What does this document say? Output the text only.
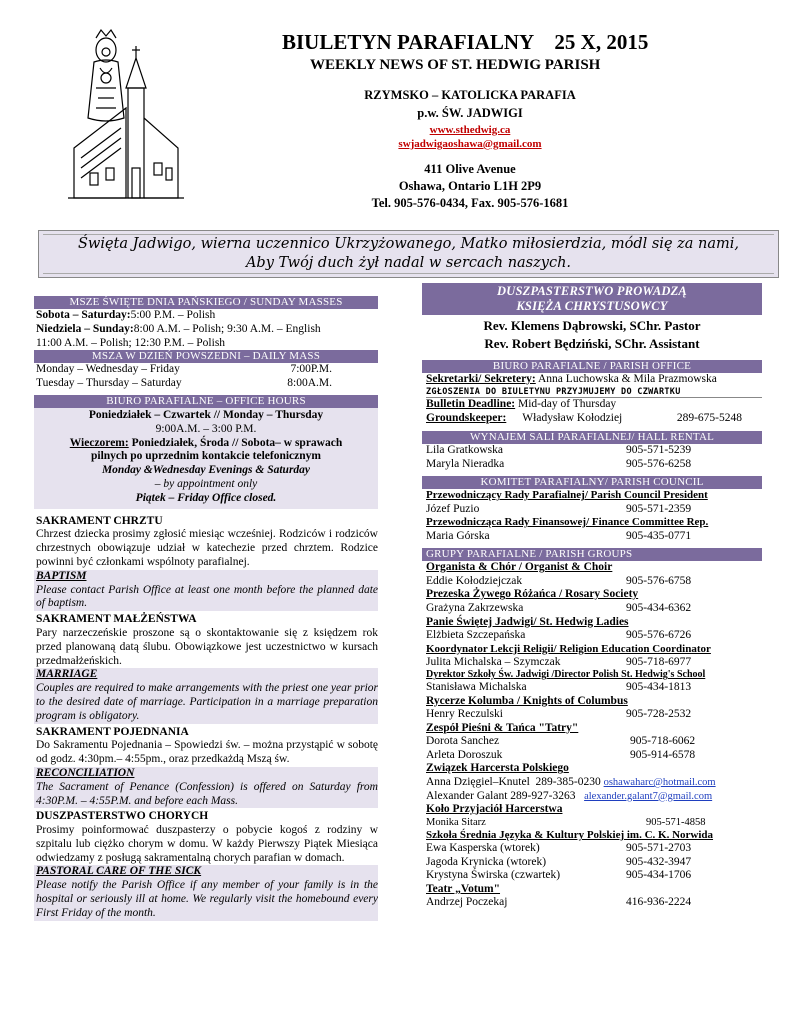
BIULETYN PARAFIALNY    25 X, 2015
WEEKLY NEWS OF ST. HEDWIG PARISH
RZYMSKO – KATOLICKA PARAFIA
p.w. ŚW. JADWIGI
www.sthedwig.ca
swjadwigaoshawa@gmail.com
411 Olive Avenue
Oshawa, Ontario L1H 2P9
Tel. 905-576-0434, Fax. 905-576-1681
Święta Jadwigo, wierna uczennico Ukrzyżowanego, Matko miłosierdzia, módl się za nami,
Aby Twój duch żył nadal w sercach naszych.
MSZE ŚWIĘTE DNIA PAŃSKIEGO / SUNDAY MASSES
Sobota – Saturday:5:00 P.M. – Polish
Niedziela – Sunday:8:00 A.M. – Polish; 9:30 A.M. – English
11:00 A.M. – Polish; 12:30 P.M. – Polish
MSZA W DZIEŃ POWSZEDNI – DAILY MASS
Monday – Wednesday – Friday	7:00P.M.
Tuesday – Thursday – Saturday	8:00A.M.
BIURO PARAFIALNE – OFFICE HOURS
Poniedziałek – Czwartek // Monday – Thursday
9:00A.M. – 3:00 P.M.
Wieczorem: Poniedziałek, Środa // Sobota– w sprawach
pilnych po uprzednim kontakcie telefonicznym
Monday &Wednesday Evenings & Saturday
– by appointment only
Piątek – Friday Office closed.
SAKRAMENT CHRZTU
Chrzest dziecka prosimy zgłosić miesiąc wcześniej. Rodziców i rodziców chrzestnych obowiązuje udział w katechezie przed chrztem. Rodzice powinni być członkami wspólnoty parafialnej.
BAPTISM
Please contact Parish Office at least one month before the planned date of baptism.
SAKRAMENT MAŁŻEŃSTWA
Pary narzeczeńskie proszone są o skontaktowanie się z księdzem rok przed planowaną datą ślubu. Obowiązkowe jest uczestnictwo w kursach przedmałżeńskich.
MARRIAGE
Couples are required to make arrangements with the priest one year prior to the desired date of marriage. Participation in a marriage preparation program is obligatory.
SAKRAMENT POJEDNANIA
Do Sakramentu Pojednania – Spowiedzi św. – można przystąpić w sobotę od godz. 4:30pm.– 4:55pm., oraz przedkażdą Mszą św.
RECONCILIATION
The Sacrament of Penance (Confession) is offered on Saturday from 4:30P.M. – 4:55P.M. and before each Mass.
DUSZPASTERSTWO CHORYCH
Prosimy poinformować duszpasterzy o pobycie kogoś z rodziny w szpitalu lub ciężko chorym w domu. W każdy Pierwszy Piątek Miesiąca odwiedzamy z posługą sakramentalną chorych parafian w domach.
PASTORAL CARE OF THE SICK
Please notify the Parish Office if any member of your family is in the hospital or seriously ill at home. We regularly visit the homebound every First Friday of the month.
DUSZPASTERSTWO PROWADZĄ
KSIĘŻA CHRYSTUSOWCY
Rev. Klemens Dąbrowski, SChr. Pastor
Rev. Robert Będziński, SChr. Assistant
BIURO PARAFIALNE / PARISH OFFICE
Sekretarki/ Sekretery: Anna Luchowska & Mila Prazmowska
ZGŁOSZENIA DO BIULETYNU PRZYJMUJEMY DO CZWARTKU
Bulletin Deadline: Mid-day of Thursday
Groundskeeper: Władysław Kołodziej	289-675-5248
WYNAJEM SALI PARAFIALNEJ/ HALL RENTAL
Lila Gratkowska	905-571-5239
Maryla Nieradka	905-576-6258
KOMITET PARAFIALNY/ PARISH COUNCIL
Przewodniczący Rady Parafialnej/ Parish Council President
Józef Puzio	905-571-2359
Przewodnicząca Rady Finansowej/ Finance Committee Rep.
Maria Górska	905-435-0771
GRUPY PARAFIALNE / PARISH GROUPS
Organista & Chór / Organist & Choir
Eddie Kołodziejczak	905-576-6758
Prezeska Żywego Różańca / Rosary Society
Grażyna Zakrzewska	905-434-6362
Panie Świętej Jadwigi/ St. Hedwig Ladies
Elżbieta Szczepańska	905-576-6726
Koordynator Lekcji Religii/ Religion Education Coordinator
Julita Michalska – Szymczak	905-718-6977
Dyrektor Szkoły Św. Jadwigi /Director Polish St. Hedwig's School
Stanisława Michalska	905-434-1813
Rycerze Kolumba / Knights of Columbus
Henry Reczulski	905-728-2532
Zespół Pieśni & Tańca "Tatry"
Dorota Sanchez	905-718-6062
Arleta Doroszuk	905-914-6578
Związek Harcersta Polskiego
Anna Dzięgiel–Knutel 289-385-0230 oshawaharc@hotmail.com
Alexander Galant 289-927-3263 alexander.galant7@gmail.com
Koło Przyjaciół Harcerstwa
Monika Sitarz	905-571-4858
Szkoła Średnia Języka & Kultury Polskiej im. C. K. Norwida
Ewa Kasperska (wtorek)	905-571-2703
Jagoda Krynicka (wtorek)	905-432-3947
Krystyna Świrska (czwartek)	905-434-1706
Teatr „Votum"
Andrzej Poczekaj	416-936-2224
